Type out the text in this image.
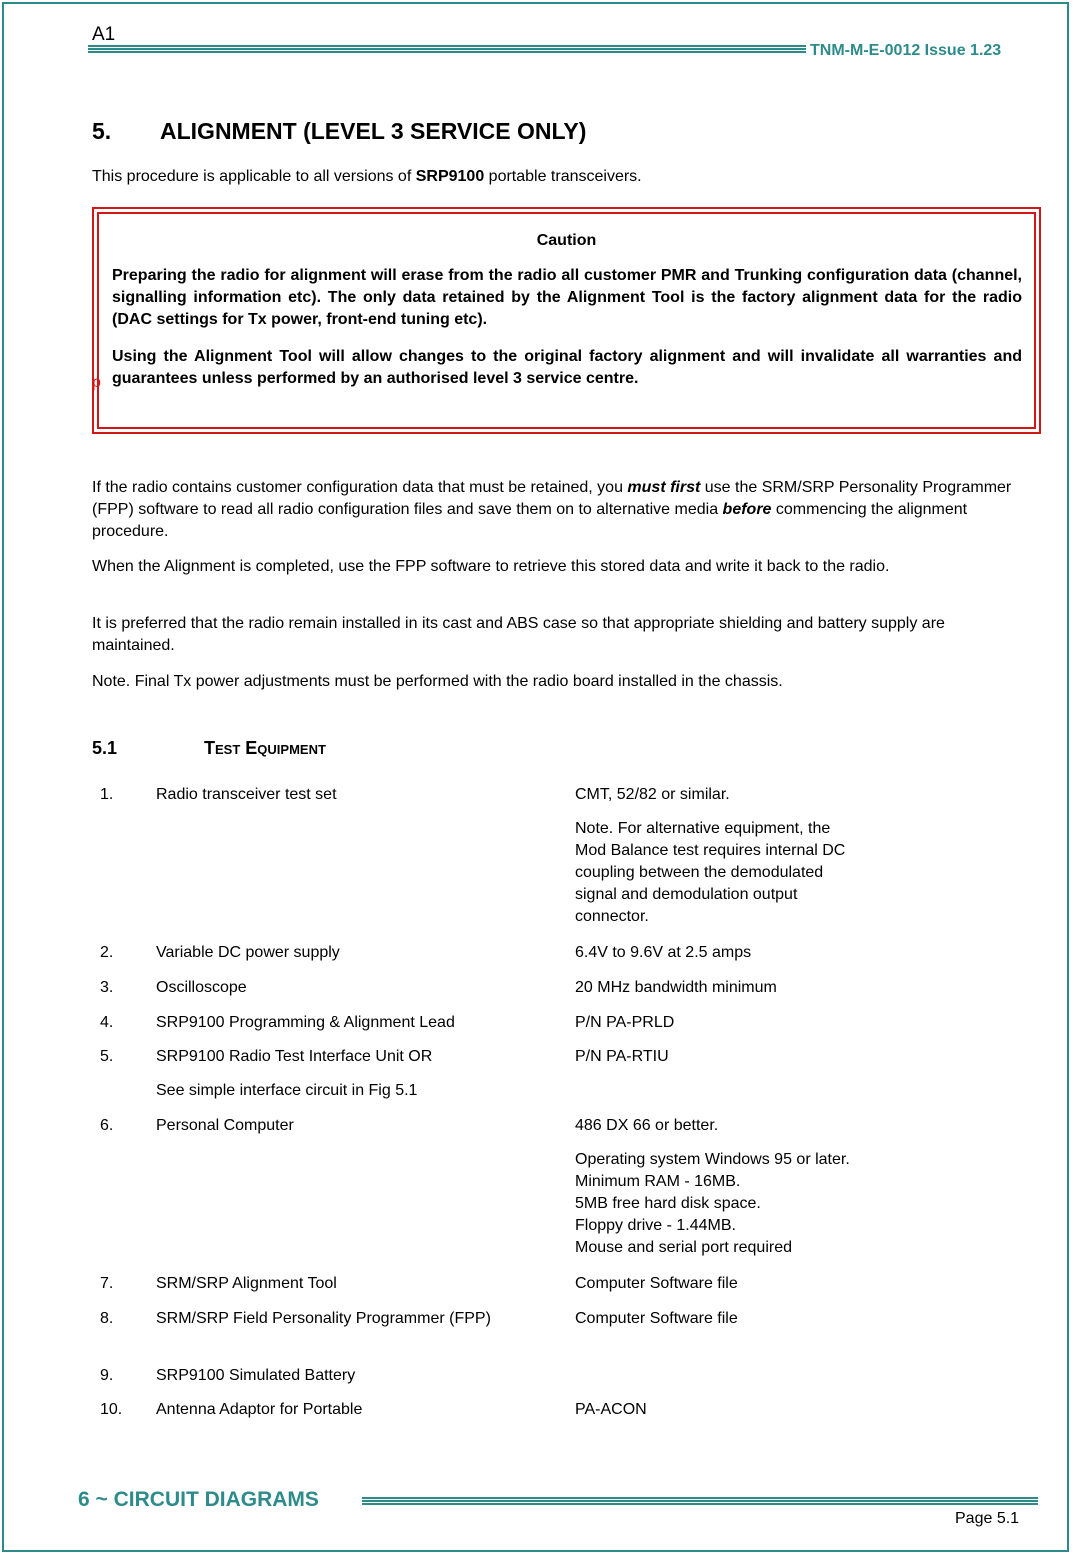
A1
TNM-M-E-0012 Issue 1.23
5. ALIGNMENT (LEVEL 3 SERVICE ONLY)
This procedure is applicable to all versions of SRP9100 portable transceivers.
Caution
Preparing the radio for alignment will erase from the radio all customer PMR and Trunking configuration data (channel, signalling information etc). The only data retained by the Alignment Tool is the factory alignment data for the radio (DAC settings for Tx power, front-end tuning etc).
Using the Alignment Tool will allow changes to the original factory alignment and will invalidate all warranties and guarantees unless performed by an authorised level 3 service centre.
p
If the radio contains customer configuration data that must be retained, you must first use the SRM/SRP Personality Programmer (FPP) software to read all radio configuration files and save them on to alternative media before commencing the alignment procedure.
When the Alignment is completed, use the FPP software to retrieve this stored data and write it back to the radio.
It is preferred that the radio remain installed in its cast and ABS case so that appropriate shielding and battery supply are maintained.
Note. Final Tx power adjustments must be performed with the radio board installed in the chassis.
5.1	Test Equipment
1.	Radio transceiver test set	CMT, 52/82 or similar.
Note. For alternative equipment, the
Mod Balance test requires internal DC
coupling between the demodulated
signal and demodulation output
connector.
2.	Variable DC power supply	6.4V to 9.6V at 2.5 amps
3.	Oscilloscope	20 MHz bandwidth minimum
4.	SRP9100 Programming & Alignment Lead	P/N PA-PRLD
5.	SRP9100 Radio Test Interface Unit OR	P/N PA-RTIU
See simple interface circuit in Fig 5.1
6.	Personal Computer	486 DX 66 or better.
Operating system Windows 95 or later.
Minimum RAM - 16MB.
5MB free hard disk space.
Floppy drive - 1.44MB.
Mouse and serial port required
7.	SRM/SRP Alignment Tool	Computer Software file
8.	SRM/SRP Field Personality Programmer (FPP)	Computer Software file
9.	SRP9100 Simulated Battery
10. Antenna Adaptor for Portable	PA-ACON
6 ~ CIRCUIT DIAGRAMS
Page 5.1
